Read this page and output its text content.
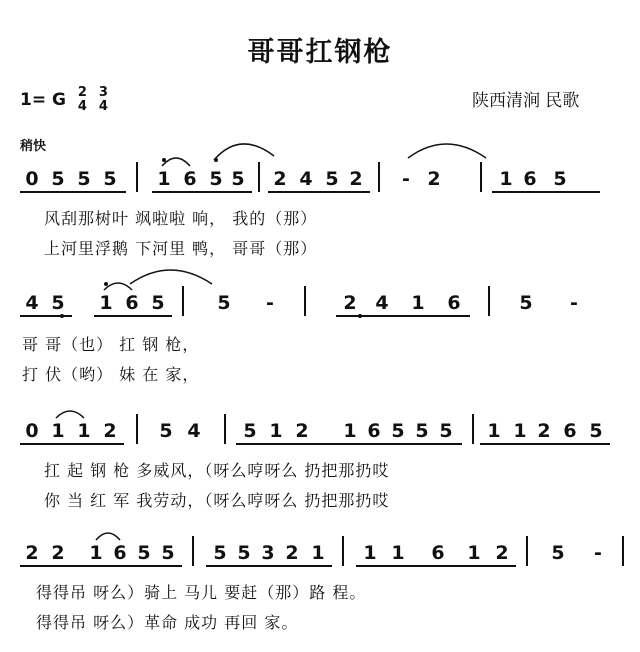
哥哥扛钢枪
1= G 2
4 3
4	陕西清涧 民歌
稍快
0 5 5 5	1 6 5 5	2 4 5 2	- 2	1 6 5
风刮那树叶 飒啦啦 响， 我的（那）
上河里浮鹅 下河里 鸭， 哥哥（那）
4 5	1 6 5	5	-	2 4	1	6	5	-
哥 哥（也） 扛 钢 枪，
打 伏（哟） 妹 在 家，
0 1 1 2	5 4	5 1 2	1 6 5 5 5	1 1 2 6 5
扛 起 钢 枪 多威风，（呀么哼呀么 扔把那扔哎
你 当 红 军 我劳动，（呀么哼呀么 扔把那扔哎
2 2	1 6 5 5	5 5 3 2 1	1 1	6	1 2	5	-
得得吊 呀么）骑上 马儿 要赶（那）路 程。
得得吊 呀么）革命 成功 再回 家。
